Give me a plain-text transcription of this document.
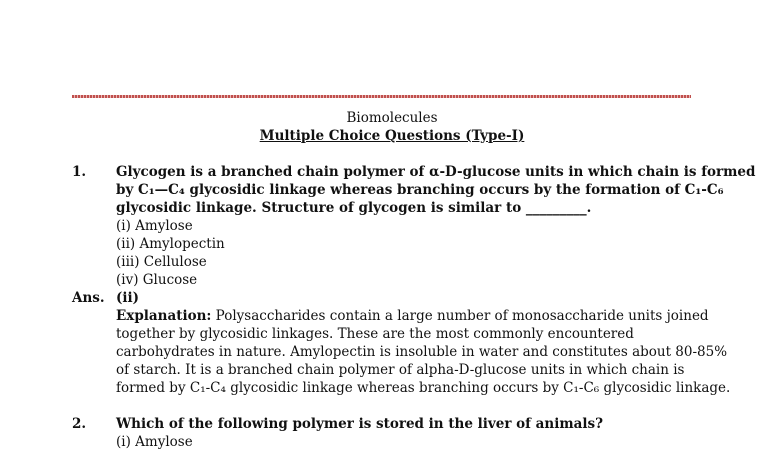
Biomolecules
Multiple Choice Questions (Type-I)
1. Glycogen is a branched chain polymer of α-D-glucose units in which chain is formed
by C₁—C₄ glycosidic linkage whereas branching occurs by the formation of C₁-C₆
glycosidic linkage. Structure of glycogen is similar to _________.
(i) Amylose
(ii) Amylopectin
(iii) Cellulose
(iv) Glucose
Ans. (ii)
Explanation: Polysaccharides contain a large number of monosaccharide units joined
together by glycosidic linkages. These are the most commonly encountered
carbohydrates in nature. Amylopectin is insoluble in water and constitutes about 80-85%
of starch. It is a branched chain polymer of alpha-D-glucose units in which chain is
formed by C₁-C₄ glycosidic linkage whereas branching occurs by C₁-C₆ glycosidic linkage.
2. Which of the following polymer is stored in the liver of animals?
(i) Amylose
